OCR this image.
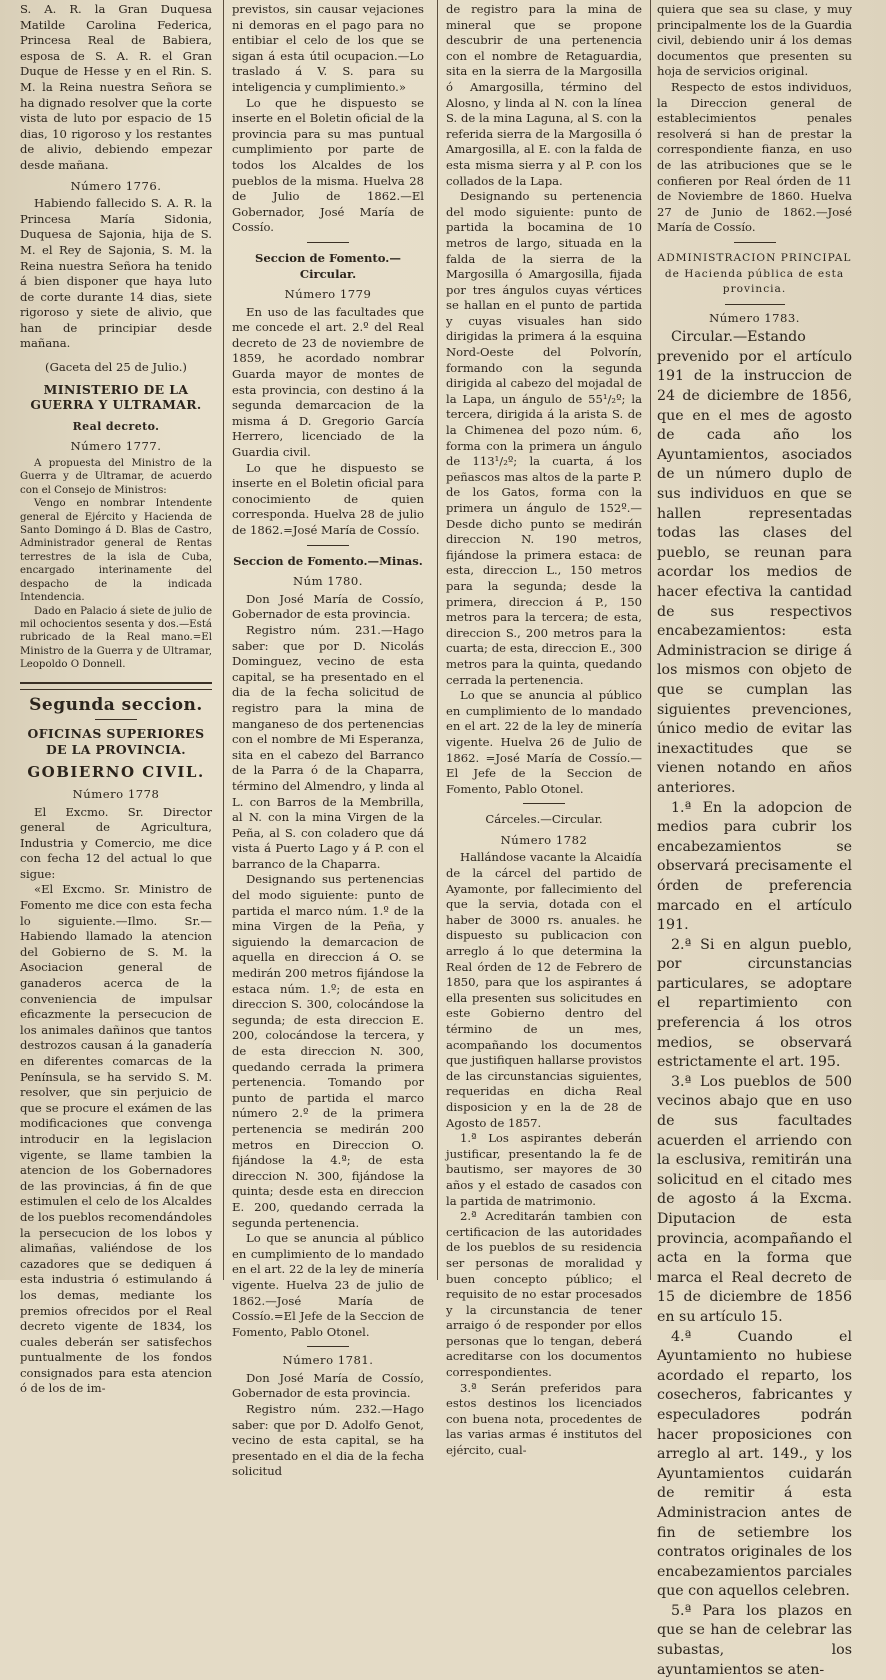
S. A. R. la Gran Duquesa Matilde Carolina Federica, Princesa Real de Babiera, esposa de S. A. R. el Gran Duque de Hesse y en el Rin. S. M. la Reina nuestra Señora se ha dignado resolver que la corte vista de luto por espacio de 15 dias, 10 rigoroso y los restantes de alivio, debiendo empezar desde mañana.

Número 1776.

Habiendo fallecido S. A. R. la Princesa María Sidonia, Duquesa de Sajonia, hija de S. M. el Rey de Sajonia, S. M. la Reina nuestra Señora ha tenido á bien disponer que haya luto de corte durante 14 dias, siete rigoroso y siete de alivio, que han de principiar desde mañana.

(Gaceta del 25 de Julio.)

MINISTERIO DE LA GUERRA Y ULTRAMAR.

Real decreto.

Número 1777.

A propuesta del Ministro de la Guerra y de Ultramar, de acuerdo con el Consejo de Ministros:

Vengo en nombrar Intendente general de Ejército y Hacienda de Santo Domingo á D. Blas de Castro, Administrador general de Rentas terrestres de la isla de Cuba, encargado interinamente del despacho de la indicada Intendencia.

Dado en Palacio á siete de julio de mil ochocientos sesenta y dos.—Está rubricado de la Real mano.=El Ministro de la Guerra y de Ultramar, Leopoldo O Donnell.

Segunda seccion.

OFICINAS SUPERIORES DE LA PROVINCIA.

GOBIERNO CIVIL.

Número 1778

El Excmo. Sr. Director general de Agricultura, Industria y Comercio, me dice con fecha 12 del actual lo que sigue:

«El Excmo. Sr. Ministro de Fomento me dice con esta fecha lo siguiente.—Ilmo. Sr.—Habiendo llamado la atencion del Gobierno de S. M. la Asociacion general de ganaderos acerca de la conveniencia de impulsar eficazmente la persecucion de los animales dañinos que tantos destrozos causan á la ganadería en diferentes comarcas de la Península, se ha servido S. M. resolver, que sin perjuicio de que se procure el exámen de las modificaciones que convenga introducir en la legislacion vigente, se llame tambien la atencion de los Gobernadores de las provincias, á fin de que estimulen el celo de los Alcaldes de los pueblos recomendándoles la persecucion de los lobos y alimañas, valiéndose de los cazadores que se dediquen á esta industria ó estimulando á los demas, mediante los premios ofrecidos por el Real decreto vigente de 1834, los cuales deberán ser satisfechos puntualmente de los fondos consignados para esta atencion ó de los de im-

previstos, sin causar vejaciones ni demoras en el pago para no entibiar el celo de los que se sigan á esta útil ocupacion.—Lo traslado á V. S. para su inteligencia y cumplimiento.»

Lo que he dispuesto se inserte en el Boletin oficial de la provincia para su mas puntual cumplimiento por parte de todos los Alcaldes de los pueblos de la misma. Huelva 28 de Julio de 1862.—El Gobernador, José María de Cossío.

Seccion de Fomento.—Circular.

Número 1779

En uso de las facultades que me concede el art. 2.º del Real decreto de 23 de noviembre de 1859, he acordado nombrar Guarda mayor de montes de esta provincia, con destino á la segunda demarcacion de la misma á D. Gregorio García Herrero, licenciado de la Guardia civil.

Lo que he dispuesto se inserte en el Boletin oficial para conocimiento de quien corresponda. Huelva 28 de julio de 1862.=José María de Cossío.

Seccion de Fomento.—Minas.

Núm 1780.

Don José María de Cossío, Gobernador de esta provincia.

Registro núm. 231.—Hago saber: que por D. Nicolás Dominguez, vecino de esta capital, se ha presentado en el dia de la fecha solicitud de registro para la mina de manganeso de dos pertenencias con el nombre de Mi Esperanza, sita en el cabezo del Barranco de la Parra ó de la Chaparra, término del Almendro, y linda al L. con Barros de la Membrilla, al N. con la mina Virgen de la Peña, al S. con coladero que dá vista á Puerto Lago y á P. con el barranco de la Chaparra.

Designando sus pertenencias del modo siguiente: punto de partida el marco núm. 1.º de la mina Virgen de la Peña, y siguiendo la demarcacion de aquella en direccion á O. se medirán 200 metros fijándose la estaca núm. 1.º; de esta en direccion S. 300, colocándose la segunda; de esta direccion E. 200, colocándose la tercera, y de esta direccion N. 300, quedando cerrada la primera pertenencia. Tomando por punto de partida el marco número 2.º de la primera pertenencia se medirán 200 metros en Direccion O. fijándose la 4.ª; de esta direccion N. 300, fijándose la quinta; desde esta en direccion E. 200, quedando cerrada la segunda pertenencia.

Lo que se anuncia al público en cumplimiento de lo mandado en el art. 22 de la ley de minería vigente. Huelva 23 de julio de 1862.—José María de Cossío.=El Jefe de la Seccion de Fomento, Pablo Otonel.

Número 1781.

Don José María de Cossío, Gobernador de esta provincia.

Registro núm. 232.—Hago saber: que por D. Adolfo Genot, vecino de esta capital, se ha presentado en el dia de la fecha solicitud

de registro para la mina de mineral que se propone descubrir de una pertenencia con el nombre de Retaguardia, sita en la sierra de la Margosilla ó Amargosilla, término del Alosno, y linda al N. con la línea S. de la mina Laguna, al S. con la referida sierra de la Margosilla ó Amargosilla, al E. con la falda de esta misma sierra y al P. con los collados de la Lapa.

Designando su pertenencia del modo siguiente: punto de partida la bocamina de 10 metros de largo, situada en la falda de la sierra de la Margosilla ó Amargosilla, fijada por tres ángulos cuyas vértices se hallan en el punto de partida y cuyas visuales han sido dirigidas la primera á la esquina Nord-Oeste del Polvorín, formando con la segunda dirigida al cabezo del mojadal de la Lapa, un ángulo de 55¹/₂º; la tercera, dirigida á la arista S. de la Chimenea del pozo núm. 6, forma con la primera un ángulo de 113¹/₂º; la cuarta, á los peñascos mas altos de la parte P. de los Gatos, forma con la primera un ángulo de 152º.—Desde dicho punto se medirán direccion N. 190 metros, fijándose la primera estaca: de esta, direccion L., 150 metros para la segunda; desde la primera, direccion á P., 150 metros para la tercera; de esta, direccion S., 200 metros para la cuarta; de esta, direccion E., 300 metros para la quinta, quedando cerrada la pertenencia.

Lo que se anuncia al público en cumplimiento de lo mandado en el art. 22 de la ley de minería vigente. Huelva 26 de Julio de 1862. =José María de Cossío.—El Jefe de la Seccion de Fomento, Pablo Otonel.

Cárceles.—Circular.

Número 1782

Hallándose vacante la Alcaidía de la cárcel del partido de Ayamonte, por fallecimiento del que la servia, dotada con el haber de 3000 rs. anuales. he dispuesto su publicacion con arreglo á lo que determina la Real órden de 12 de Febrero de 1850, para que los aspirantes á ella presenten sus solicitudes en este Gobierno dentro del término de un mes, acompañando los documentos que justifiquen hallarse provistos de las circunstancias siguientes, requeridas en dicha Real disposicion y en la de 28 de Agosto de 1857.

1.ª Los aspirantes deberán justificar, presentando la fe de bautismo, ser mayores de 30 años y el estado de casados con la partida de matrimonio.

2.ª Acreditarán tambien con certificacion de las autoridades de los pueblos de su residencia ser personas de moralidad y buen concepto público; el requisito de no estar procesados y la circunstancia de tener arraigo ó de responder por ellos personas que lo tengan, deberá acreditarse con los documentos correspondientes.

3.ª Serán preferidos para estos destinos los licenciados con buena nota, procedentes de las varias armas é institutos del ejército, cual-

quiera que sea su clase, y muy principalmente los de la Guardia civil, debiendo unir á los demas documentos que presenten su hoja de servicios original.

Respecto de estos individuos, la Direccion general de establecimientos penales resolverá si han de prestar la correspondiente fianza, en uso de las atribuciones que se le confieren por Real órden de 11 de Noviembre de 1860. Huelva 27 de Junio de 1862.—José María de Cossío.

ADMINISTRACION PRINCIPAL de Hacienda pública de esta provincia.

Número 1783.

Circular.—Estando prevenido por el artículo 191 de la instruccion de 24 de diciembre de 1856, que en el mes de agosto de cada año los Ayuntamientos, asociados de un número duplo de sus individuos en que se hallen representadas todas las clases del pueblo, se reunan para acordar los medios de hacer efectiva la cantidad de sus respectivos encabezamientos: esta Administracion se dirige á los mismos con objeto de que se cumplan las siguientes prevenciones, único medio de evitar las inexactitudes que se vienen notando en años anteriores.

1.ª En la adopcion de medios para cubrir los encabezamientos se observará precisamente el órden de preferencia marcado en el artículo 191.

2.ª Si en algun pueblo, por circunstancias particulares, se adoptare el repartimiento con preferencia á los otros medios, se observará estrictamente el art. 195.

3.ª Los pueblos de 500 vecinos abajo que en uso de sus facultades acuerden el arriendo con la esclusiva, remitirán una solicitud en el citado mes de agosto á la Excma. Diputacion de esta provincia, acompañando el acta en la forma que marca el Real decreto de 15 de diciembre de 1856 en su artículo 15.

4.ª Cuando el Ayuntamiento no hubiese acordado el reparto, los cosecheros, fabricantes y especuladores podrán hacer proposiciones con arreglo al art. 149., y los Ayuntamientos cuidarán de remitir á esta Administracion antes de fin de setiembre los contratos originales de los encabezamientos parciales que con aquellos celebren.

5.ª Para los plazos en que se han de celebrar las subastas, los ayuntamientos se aten-
